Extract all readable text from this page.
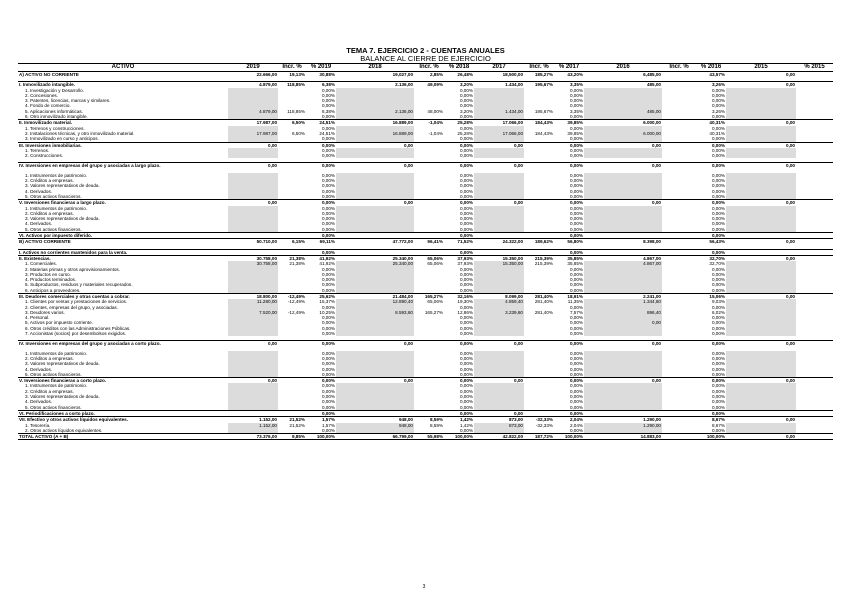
TEMA 7. EJERCICIO 2 - CUENTAS ANUALES
BALANCE AL CIERRE DE EJERCICIO
ACTIVO	2019	Incr. %	% 2019	2018	Incr. %	% 2018	2017	Incr. %	% 2017	2016	Incr. %	% 2016	2015	% 2015
A) ACTIVO NO CORRIENTE	22.666,00	19,13%	30,88%	19,027,00	2,85%	26,48%	18,500,00	185,27%	43,20%	6,485,00		43,57%	0,00	

I. Inmovilizado intangible.	4.879,00	118,85%	6,38%	2.136,00	49,09%	3,20%	1.434,00	195,67%	3,35%	485,00		3,26%	0,00	
1. Investigación y Desarrollo.			0,00%			0,00%			0,00%			0,00%		
2. Concesiones.			0,00%			0,00%			0,00%			0,00%		
3. Patentes, licencias, marcas y similares.			0,00%			0,00%			0,00%			0,00%		
4. Fondo de comercio.			0,00%			0,00%			0,00%			0,00%		
5. Aplicaciones informáticas.	4.879,00	118,85%	6,38%	2.136,00	48,00%	3,20%	1.434,00	195,67%	3,35%	485,00		3,26%		
6. Otro inmovilizado intangible.			0,00%			0,00%			0,00%			0,00%		
II. Inmovilizado material.	17.987,00	6,50%	24,51%	16.889,00	-1,04%	25,28%	17.066,00	184,43%	39,85%	6.000,00		40,31%	0,00	
1. Terrenos y construcciones.			0,00%			0,00%			0,00%			0,00%		
2. Instalaciones técnicas, y otro inmovilizado material.	17.987,00	6,50%	24,51%	16.889,00	-1,04%	25,28%	17.066,00	184,43%	39,85%	6.000,00		40,31%		
3. Inmovilizado en curso y anticipos.			0,00%			0,00%			0,00%			0,00%		
III. Inversiones inmobiliarias.	0,00		0,00%	0,00		0,00%	0,00		0,00%	0,00		0,00%	0,00	
1. Terrenos.			0,00%			0,00%			0,00%			0,00%		
2. Construcciones.			0,00%			0,00%			0,00%			0,00%		

IV. Inversiones en empresas del grupo y asociadas a largo plazo.	0,00		0,00%	0,00		0,00%	0,00		0,00%	0,00		0,00%	0,00	

1. Instrumentos de patrimonio.			0,00%			0,00%			0,00%			0,00%		
2. Créditos a empresas.			0,00%			0,00%			0,00%			0,00%		
3. Valores representativos de deuda.			0,00%			0,00%			0,00%			0,00%		
4. Derivados.			0,00%			0,00%			0,00%			0,00%		
5. Otros activos financieros.			0,00%			0,00%			0,00%			0,00%		
V. Inversiones financieras a largo plazo.	0,00		0,00%	0,00		0,00%	0,00		0,00%	0,00		0,00%	0,00	
1. Instrumentos de patrimonio.			0,00%			0,00%			0,00%			0,00%		
2. Créditos a empresas.			0,00%			0,00%			0,00%			0,00%		
3. Valores representativos de deuda.			0,00%			0,00%			0,00%			0,00%		
4. Derivados.			0,00%			0,00%			0,00%			0,00%		
5. Otros activos financieros.			0,00%			0,00%			0,00%			0,00%		
VI. Activos por impuesto diferido.			0,00%			0,00%			0,00%			0,00%		
B) ACTIVO CORRIENTE	50.710,00	6,15%	69,11%	47.772,00	96,41%	71,52%	24.322,00	189,62%	56,80%	8.398,00		56,43%	0,00	

I. Activos no corrientes mantenidos para la venta.			0,00%			0,00%			0,00%			0,00%		
II. Existencias.	30.758,00	21,38%	41,92%	25.340,00	65,06%	37,93%	15.350,00	215,39%	35,85%	4.867,00		32,70%	0,00	
1. Comerciales.	30.758,00	21,38%	41,92%	25.340,00	65,06%	37,93%	15.350,00	215,39%	35,85%	4.867,00		32,70%		
2. Materias primas y otros aprovisionamientos.			0,00%			0,00%			0,00%			0,00%		
3. Productos en curso.			0,00%			0,00%			0,00%			0,00%		
4. Productos terminados.			0,00%			0,00%			0,00%			0,00%		
5. Subproductos, residuos y materiales recuperados.			0,00%			0,00%			0,00%			0,00%		
6. Anticipos a proveedores.			0,00%			0,00%			0,00%			0,00%		
III. Deudores comerciales y otras cuentas a cobrar.	18.800,00	-12,49%	25,62%	21.484,00	165,27%	32,16%	8.099,00	281,40%	18,91%	2.241,00		15,06%	0,00	
1. Clientes por ventas y prestaciones de servicios.	11.280,00	-12,49%	15,37%	12.890,40	65,06%	19,30%	4.859,40	281,40%	11,35%	1.344,60		9,03%		
2. Clientes, empresas del grupo, y asociadas.			0,00%			0,00%			0,00%			0,00%		
3. Deudores varios.	7.520,00	-12,49%	10,25%	8.593,60	165,27%	12,86%	3.239,60	281,40%	7,57%	896,40		6,02%		
4. Personal.			0,00%			0,00%			0,00%			0,00%		
5. Activos por impuesto corriente.			0,00%			0,00%			0,00%	0,00		0,00%		
6. Otros créditos con las Administraciones Públicas.			0,00%			0,00%			0,00%			0,00%		
7. Accionistas (socios) por desembolsos exigidos.			0,00%			0,00%			0,00%			0,00%		

IV. Inversiones en empresas del grupo y asociadas a corto plazo.	0,00		0,00%	0,00		0,00%	0,00		0,00%	0,00		0,00%	0,00	

1. Instrumentos de patrimonio.			0,00%			0,00%			0,00%			0,00%		
2. Créditos a empresas.			0,00%			0,00%			0,00%			0,00%		
3. Valores representativos de deuda.			0,00%			0,00%			0,00%			0,00%		
4. Derivados.			0,00%			0,00%			0,00%			0,00%		
5. Otros activos financieros.			0,00%			0,00%			0,00%			0,00%		
V. Inversiones financieras a corto plazo.	0,00		0,00%	0,00		0,00%	0,00		0,00%	0,00		0,00%	0,00	
1. Instrumentos de patrimonio.			0,00%			0,00%			0,00%			0,00%		
2. Créditos a empresas.			0,00%			0,00%			0,00%			0,00%		
3. Valores representativos de deuda.			0,00%			0,00%			0,00%			0,00%		
4. Derivados.			0,00%			0,00%			0,00%			0,00%		
5. Otros activos financieros.			0,00%			0,00%			0,00%			0,00%		
VI. Periodificaciones a corto plazo.			0,00%			0,00%	0,00		0,00%			0,00%		
VII. Efectivo y otros activos líquidos equivalentes.	1.152,00	21,52%	1,57%	948,00	8,59%	1,42%	873,00	-32,33%	2,04%	1.290,00		8,67%	0,00	
1. Tesorería.	1.152,00	21,52%	1,57%	948,00	8,59%	1,42%	873,00	-32,33%	2,04%	1.290,00		8,67%		
2. Otros activos líquidos equivalentes.			0,00%			0,00%			0,00%			0,00%		
TOTAL ACTIVO (A + B)	73.376,00	9,85%	100,00%	66.799,00	55,98%	100,00%	42.822,00	187,72%	100,00%	14.883,00		100,00%	0,00	
3
